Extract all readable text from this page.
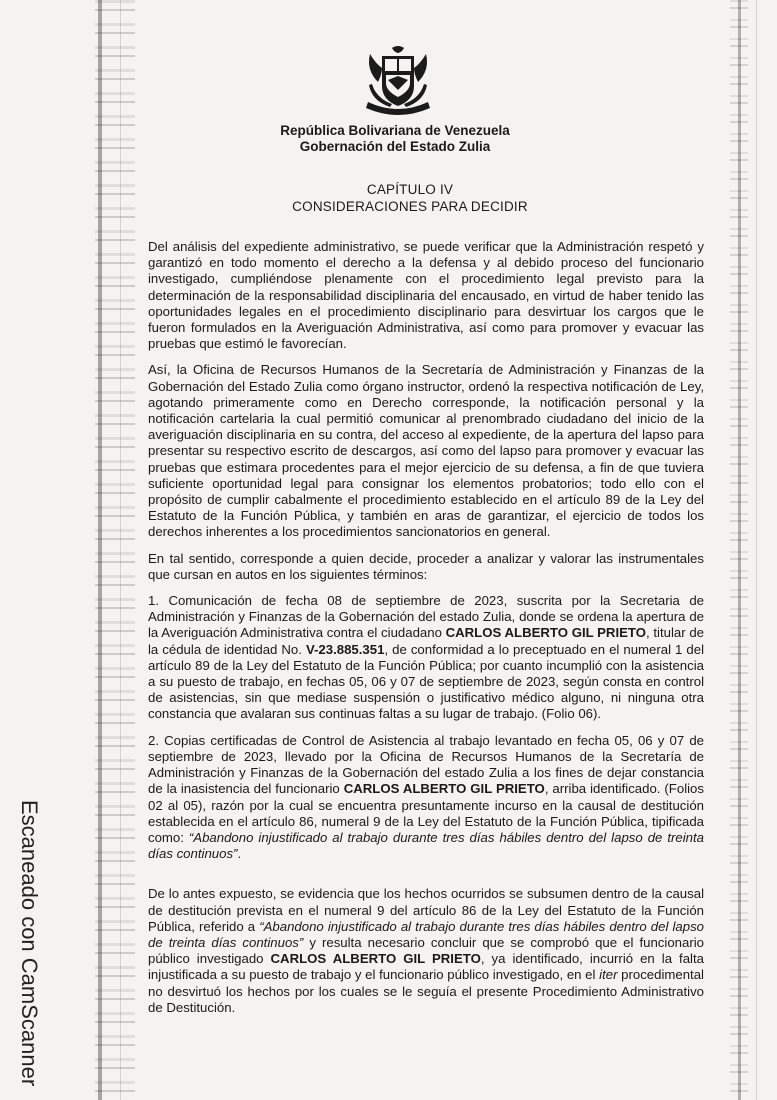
Escaneado con CamScanner
República Bolivariana de Venezuela
Gobernación del Estado Zulia
CAPÍTULO IV
CONSIDERACIONES PARA DECIDIR

Del análisis del expediente administrativo, se puede verificar que la Administración respetó y garantizó en todo momento el derecho a la defensa y al debido proceso del funcionario investigado, cumpliéndose plenamente con el procedimiento legal previsto para la determinación de la responsabilidad disciplinaria del encausado, en virtud de haber tenido las oportunidades legales en el procedimiento disciplinario para desvirtuar los cargos que le fueron formulados en la Averiguación Administrativa, así como para promover y evacuar las pruebas que estimó le favorecían.

Así, la Oficina de Recursos Humanos de la Secretaría de Administración y Finanzas de la Gobernación del Estado Zulia como órgano instructor, ordenó la respectiva notificación de Ley, agotando primeramente como en Derecho corresponde, la notificación personal y la notificación cartelaria la cual permitió comunicar al prenombrado ciudadano del inicio de la averiguación disciplinaria en su contra, del acceso al expediente, de la apertura del lapso para presentar su respectivo escrito de descargos, así como del lapso para promover y evacuar las pruebas que estimara procedentes para el mejor ejercicio de su defensa, a fin de que tuviera suficiente oportunidad legal para consignar los elementos probatorios; todo ello con el propósito de cumplir cabalmente el procedimiento establecido en el artículo 89 de la Ley del Estatuto de la Función Pública, y también en aras de garantizar, el ejercicio de todos los derechos inherentes a los procedimientos sancionatorios en general.

En tal sentido, corresponde a quien decide, proceder a analizar y valorar las instrumentales que cursan en autos en los siguientes términos:

1. Comunicación de fecha 08 de septiembre de 2023, suscrita por la Secretaria de Administración y Finanzas de la Gobernación del estado Zulia, donde se ordena la apertura de la Averiguación Administrativa contra el ciudadano CARLOS ALBERTO GIL PRIETO, titular de la cédula de identidad No. V-23.885.351, de conformidad a lo preceptuado en el numeral 1 del artículo 89 de la Ley del Estatuto de la Función Pública; por cuanto incumplió con la asistencia a su puesto de trabajo, en fechas 05, 06 y 07 de septiembre de 2023, según consta en control de asistencias, sin que mediase suspensión o justificativo médico alguno, ni ninguna otra constancia que avalaran sus continuas faltas a su lugar de trabajo. (Folio 06).

2. Copias certificadas de Control de Asistencia al trabajo levantado en fecha 05, 06 y 07 de septiembre de 2023, llevado por la Oficina de Recursos Humanos de la Secretaría de Administración y Finanzas de la Gobernación del estado Zulia a los fines de dejar constancia de la inasistencia del funcionario CARLOS ALBERTO GIL PRIETO, arriba identificado. (Folios 02 al 05), razón por la cual se encuentra presuntamente incurso en la causal de destitución establecida en el artículo 86, numeral 9 de la Ley del Estatuto de la Función Pública, tipificada como: “Abandono injustificado al trabajo durante tres días hábiles dentro del lapso de treinta días continuos”.

De lo antes expuesto, se evidencia que los hechos ocurridos se subsumen dentro de la causal de destitución prevista en el numeral 9 del artículo 86 de la Ley del Estatuto de la Función Pública, referido a “Abandono injustificado al trabajo durante tres días hábiles dentro del lapso de treinta días continuos” y resulta necesario concluir que se comprobó que el funcionario público investigado CARLOS ALBERTO GIL PRIETO, ya identificado, incurrió en la falta injustificada a su puesto de trabajo y el funcionario público investigado, en el iter procedimental no desvirtuó los hechos por los cuales se le seguía el presente Procedimiento Administrativo de Destitución.
